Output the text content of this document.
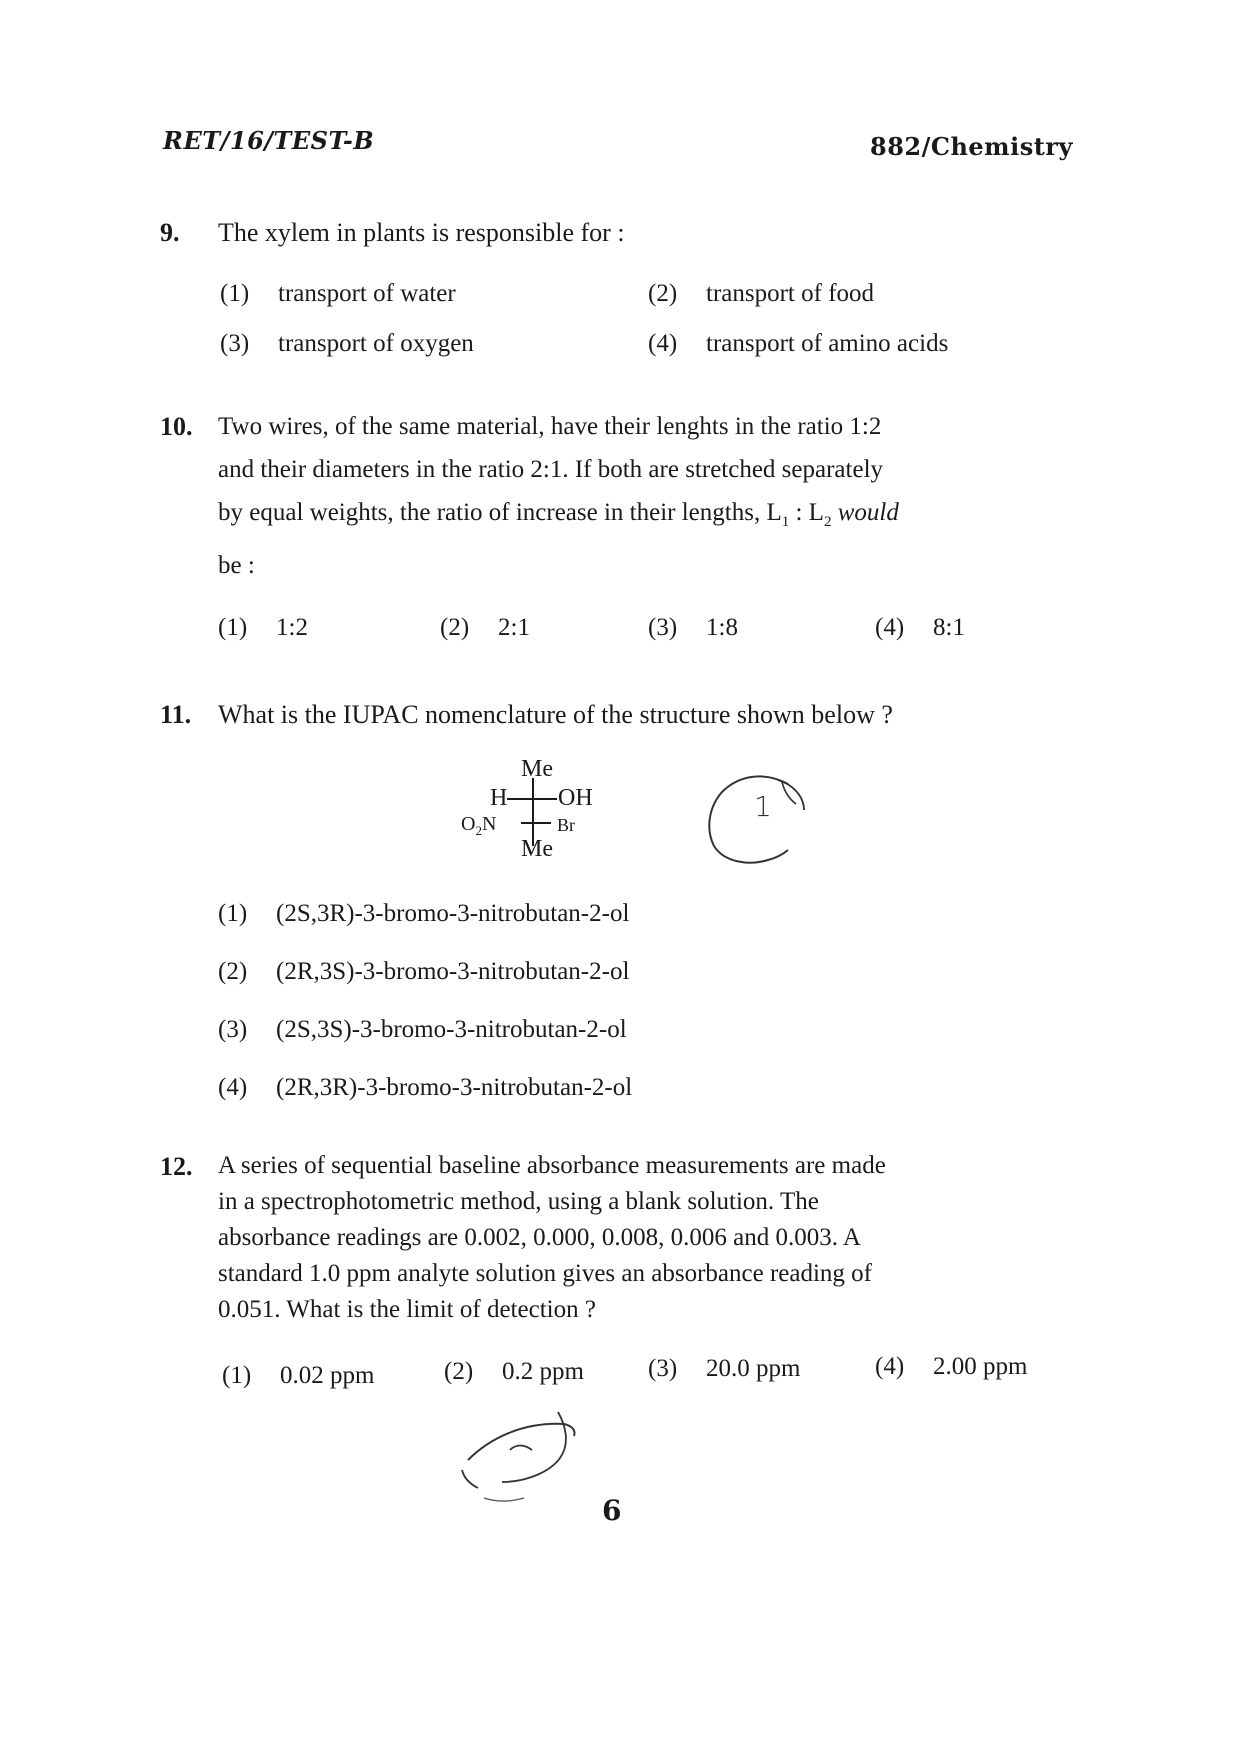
RET/16/TEST-B	882/Chemistry
9. The xylem in plants is responsible for :
(1) transport of water	(2) transport of food
(3) transport of oxygen	(4) transport of amino acids
10. Two wires, of the same material, have their lenghts in the ratio 1:2
and their diameters in the ratio 2:1. If both are stretched separately
by equal weights, the ratio of increase in their lengths, $L_1$ : $L_2$ would
be :
(1) 1:2	(2) 2:1	(3) 1:8	(4) 8:1
11. What is the IUPAC nomenclature of the structure shown below ?
Me
H OH
$O_2N$	Br
Me
1
(1) (2S,3R)-3-bromo-3-nitrobutan-2-ol
(2) (2R,3S)-3-bromo-3-nitrobutan-2-ol
(3) (2S,3S)-3-bromo-3-nitrobutan-2-ol
(4) (2R,3R)-3-bromo-3-nitrobutan-2-ol
12. A series of sequential baseline absorbance measurements are made
in a spectrophotometric method, using a blank solution. The
absorbance readings are 0.002, 0.000, 0.008, 0.006 and 0.003. A
standard 1.0 ppm analyte solution gives an absorbance reading of
0.051. What is the limit of detection ?
(1) 0.02 ppm	(2) 0.2 ppm	(3) 20.0 ppm	(4) 2.00 ppm
6
